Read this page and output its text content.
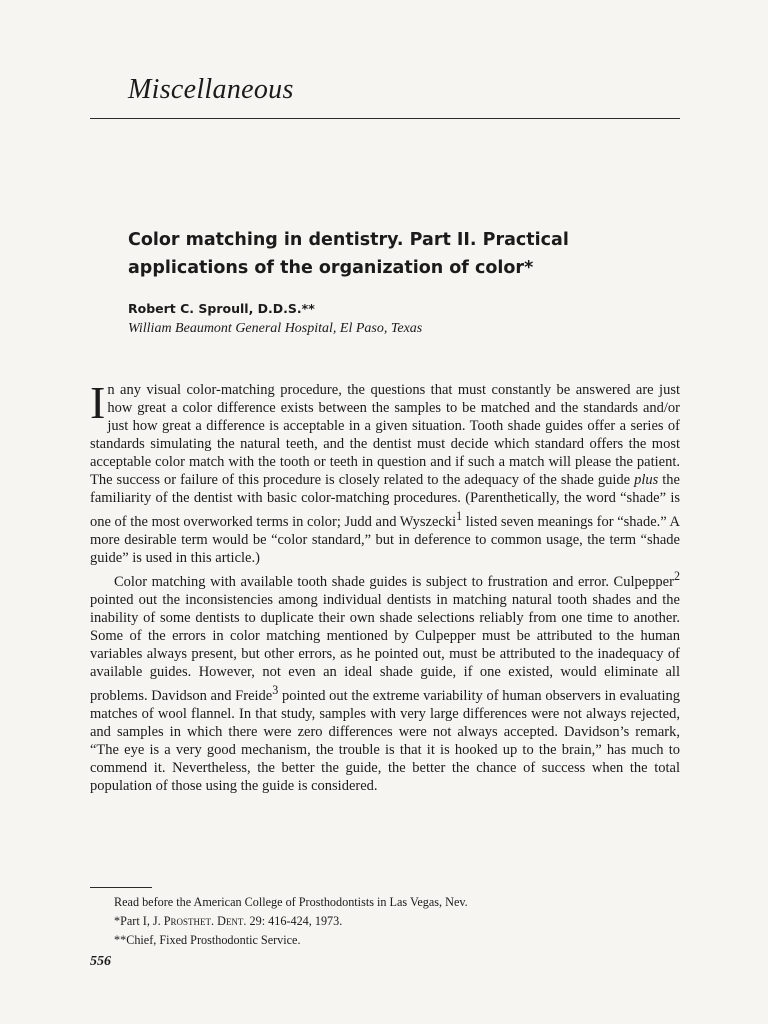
Miscellaneous
Color matching in dentistry. Part II. Practical applications of the organization of color*
Robert C. Sproull, D.D.S.**
William Beaumont General Hospital, El Paso, Texas

In any visual color-matching procedure, the questions that must constantly be answered are just how great a color difference exists between the samples to be matched and the standards and/or just how great a difference is acceptable in a given situation. Tooth shade guides offer a series of standards simulating the natural teeth, and the dentist must decide which standard offers the most acceptable color match with the tooth or teeth in question and if such a match will please the patient. The success or failure of this procedure is closely related to the adequacy of the shade guide plus the familiarity of the dentist with basic color-matching procedures. (Parenthetically, the word “shade” is one of the most overworked terms in color; Judd and Wyszecki$^1$ listed seven meanings for “shade.” A more desirable term would be “color standard,” but in deference to common usage, the term “shade guide” is used in this article.)

Color matching with available tooth shade guides is subject to frustration and error. Culpepper$^2$ pointed out the inconsistencies among individual dentists in matching natural tooth shades and the inability of some dentists to duplicate their own shade selections reliably from one time to another. Some of the errors in color matching mentioned by Culpepper must be attributed to the human variables always present, but other errors, as he pointed out, must be attributed to the inadequacy of available guides. However, not even an ideal shade guide, if one existed, would eliminate all problems. Davidson and Freide$^3$ pointed out the extreme variability of human observers in evaluating matches of wool flannel. In that study, samples with very large differences were not always rejected, and samples in which there were zero differences were not always accepted. Davidson’s remark, “The eye is a very good mechanism, the trouble is that it is hooked up to the brain,” has much to commend it. Nevertheless, the better the guide, the better the chance of success when the total population of those using the guide is considered.

Read before the American College of Prosthodontists in Las Vegas, Nev.
*Part I, J. Prosthet. Dent. 29: 416-424, 1973.
**Chief, Fixed Prosthodontic Service.
556
